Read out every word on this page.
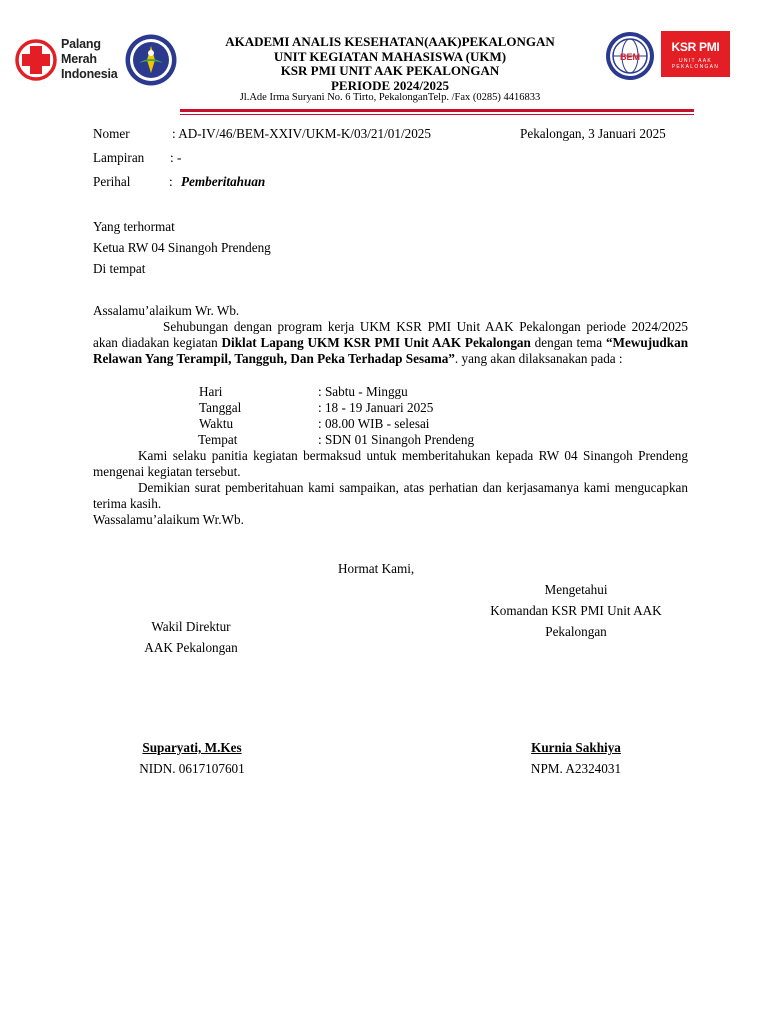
Palang
Merah
Indonesia
AKADEMI ANALIS KESEHATAN(AAK)PEKALONGAN
UNIT KEGIATAN MAHASISWA (UKM)
KSR PMI UNIT AAK PEKALONGAN
PERIODE 2024/2025
Jl.Ade Irma Suryani No. 6 Tirto, PekalonganTelp. /Fax (0285) 4416833
BEM
KSR PMI
UNIT AAK PEKALONGAN
Nomer	: AD-IV/46/BEM-XXIV/UKM-K/03/21/01/2025	Pekalongan, 3 Januari 2025
Lampiran : -
Perihal	: Pemberitahuan
Yang terhormat
Ketua RW 04 Sinangoh Prendeng
Di tempat
Assalamu’alaikum Wr. Wb.
Sehubungan dengan program kerja UKM KSR PMI Unit AAK Pekalongan periode 2024/2025 akan diadakan kegiatan Diklat Lapang UKM KSR PMI Unit AAK Pekalongan dengan tema “Mewujudkan Relawan Yang Terampil, Tangguh, Dan Peka Terhadap Sesama”. yang akan dilaksanakan pada :
Hari	: Sabtu - Minggu
Tanggal	: 18 - 19 Januari 2025
Waktu	: 08.00 WIB - selesai
Tempat	: SDN 01 Sinangoh Prendeng
Kami selaku panitia kegiatan bermaksud untuk memberitahukan kepada RW 04 Sinangoh Prendeng mengenai kegiatan tersebut.
Demikian surat pemberitahuan kami sampaikan, atas perhatian dan kerjasamanya kami mengucapkan terima kasih.
Wassalamu’alaikum Wr.Wb.
Hormat Kami,
Mengetahui
Komandan KSR PMI Unit AAK
Pekalongan
Wakil Direktur
AAK Pekalongan
Suparyati, M.Kes
NIDN. 0617107601
Kurnia Sakhiya
NPM. A2324031
